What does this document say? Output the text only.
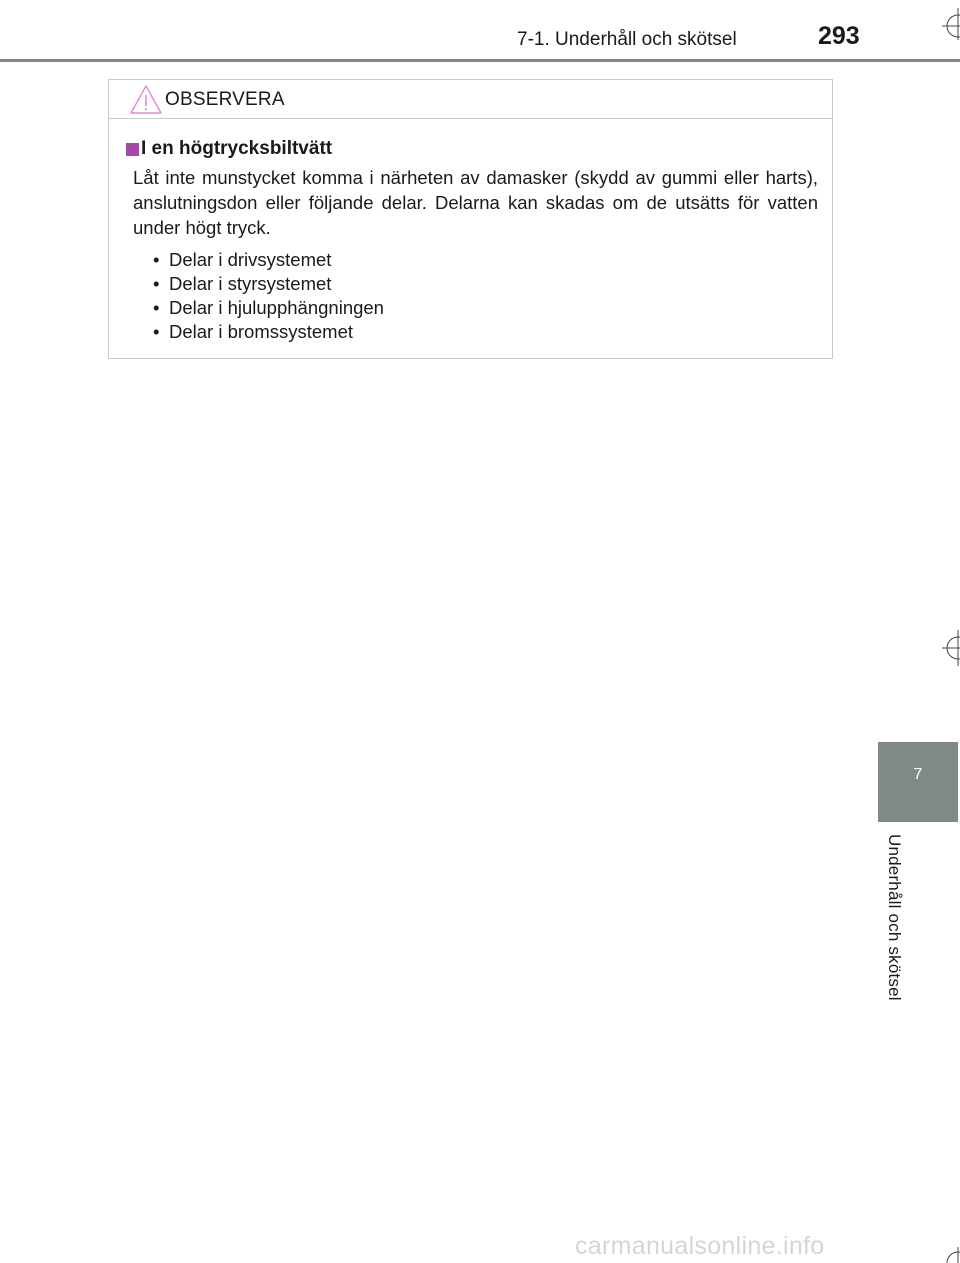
7-1. Underhåll och skötsel	293
OBSERVERA
I en högtrycksbiltvätt

Låt inte munstycket komma i närheten av damasker (skydd av gummi eller harts), anslutningsdon eller följande delar. Delarna kan skadas om de utsätts för vatten under högt tryck.

• Delar i drivsystemet
• Delar i styrsystemet
• Delar i hjulupphängningen
• Delar i bromssystemet
7
Underhåll och skötsel
carmanualsonline.info
